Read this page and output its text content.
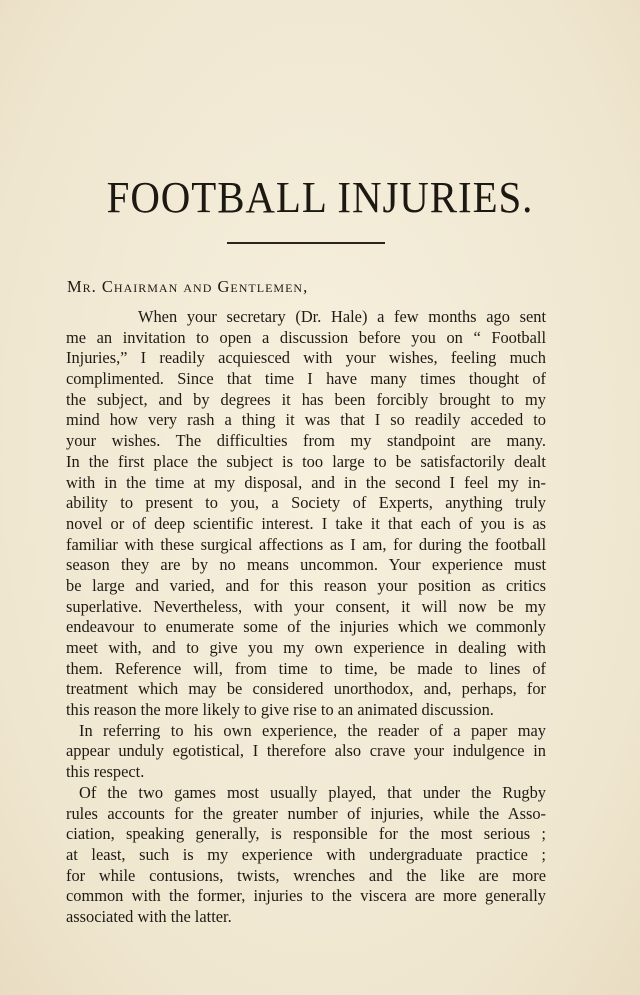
FOOTBALL INJURIES.
Mr. Chairman and Gentlemen,
When your secretary (Dr. Hale) a few months ago sent
me an invitation to open a discussion before you on “ Football
Injuries,” I readily acquiesced with your wishes, feeling much
complimented. Since that time I have many times thought of
the subject, and by degrees it has been forcibly brought to my
mind how very rash a thing it was that I so readily acceded to
your wishes. The difficulties from my standpoint are many.
In the first place the subject is too large to be satisfactorily dealt
with in the time at my disposal, and in the second I feel my in-
ability to present to you, a Society of Experts, anything truly
novel or of deep scientific interest. I take it that each of you is as
familiar with these surgical affections as I am, for during the football
season they are by no means uncommon. Your experience must
be large and varied, and for this reason your position as critics
superlative. Nevertheless, with your consent, it will now be my
endeavour to enumerate some of the injuries which we commonly
meet with, and to give you my own experience in dealing with
them. Reference will, from time to time, be made to lines of
treatment which may be considered unorthodox, and, perhaps, for
this reason the more likely to give rise to an animated discussion.
In referring to his own experience, the reader of a paper may
appear unduly egotistical, I therefore also crave your indulgence in
this respect.
Of the two games most usually played, that under the Rugby
rules accounts for the greater number of injuries, while the Asso-
ciation, speaking generally, is responsible for the most serious ;
at least, such is my experience with undergraduate practice ;
for while contusions, twists, wrenches and the like are more
common with the former, injuries to the viscera are more generally
associated with the latter.
